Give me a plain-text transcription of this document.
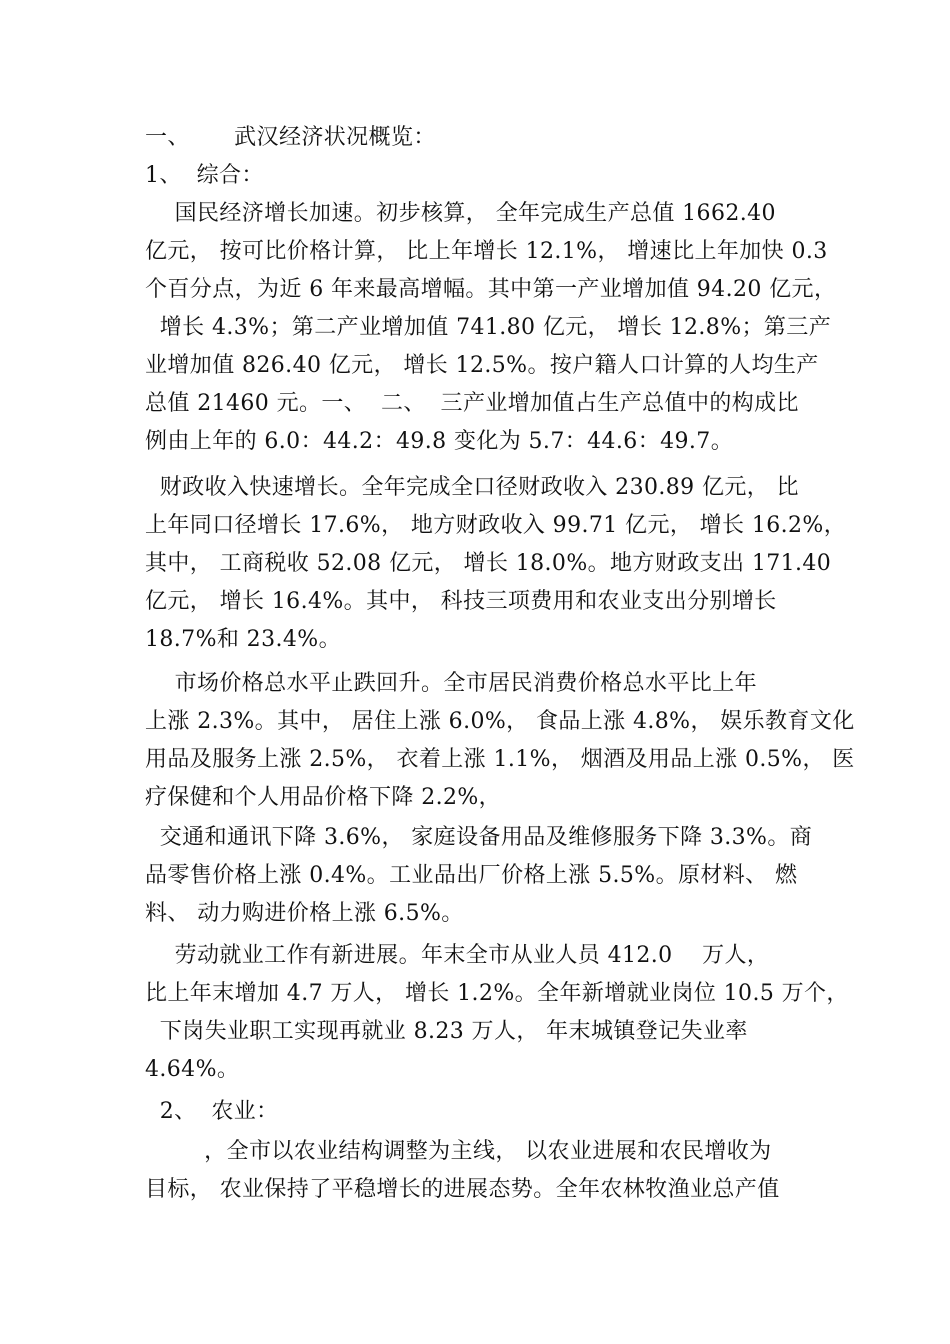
一、      武汉经济状况概览：
1、  综合：
国民经济增长加速。初步核算， 全年完成生产总值 1662.40
亿元， 按可比价格计算， 比上年增长 12.1%， 增速比上年加快 0.3
个百分点，为近 6 年来最高增幅。其中第一产业增加值 94.20 亿元，
增长 4.3%；第二产业增加值 741.80 亿元， 增长 12.8%；第三产
业增加值 826.40 亿元， 增长 12.5%。按户籍人口计算的人均生产
总值 21460 元。一、  二、  三产业增加值占生产总值中的构成比
例由上年的 6.0：44.2：49.8 变化为 5.7：44.6：49.7。
财政收入快速增长。全年完成全口径财政收入 230.89 亿元， 比
上年同口径增长 17.6%， 地方财政收入 99.71 亿元， 增长 16.2%，
其中， 工商税收 52.08 亿元， 增长 18.0%。地方财政支出 171.40
亿元， 增长 16.4%。其中， 科技三项费用和农业支出分别增长
18.7%和 23.4%。
市场价格总水平止跌回升。全市居民消费价格总水平比上年
上涨 2.3%。其中， 居住上涨 6.0%， 食品上涨 4.8%， 娱乐教育文化
用品及服务上涨 2.5%， 衣着上涨 1.1%， 烟酒及用品上涨 0.5%， 医
疗保健和个人用品价格下降 2.2%，
交通和通讯下降 3.6%， 家庭设备用品及维修服务下降 3.3%。商
品零售价格上涨 0.4%。工业品出厂价格上涨 5.5%。原材料、 燃
料、 动力购进价格上涨 6.5%。
劳动就业工作有新进展。年末全市从业人员 412.0    万人，
比上年末增加 4.7 万人， 增长 1.2%。全年新增就业岗位 10.5 万个，
下岗失业职工实现再就业 8.23 万人， 年末城镇登记失业率
4.64%。
2、  农业：
，全市以农业结构调整为主线， 以农业进展和农民增收为
目标， 农业保持了平稳增长的进展态势。全年农林牧渔业总产值
